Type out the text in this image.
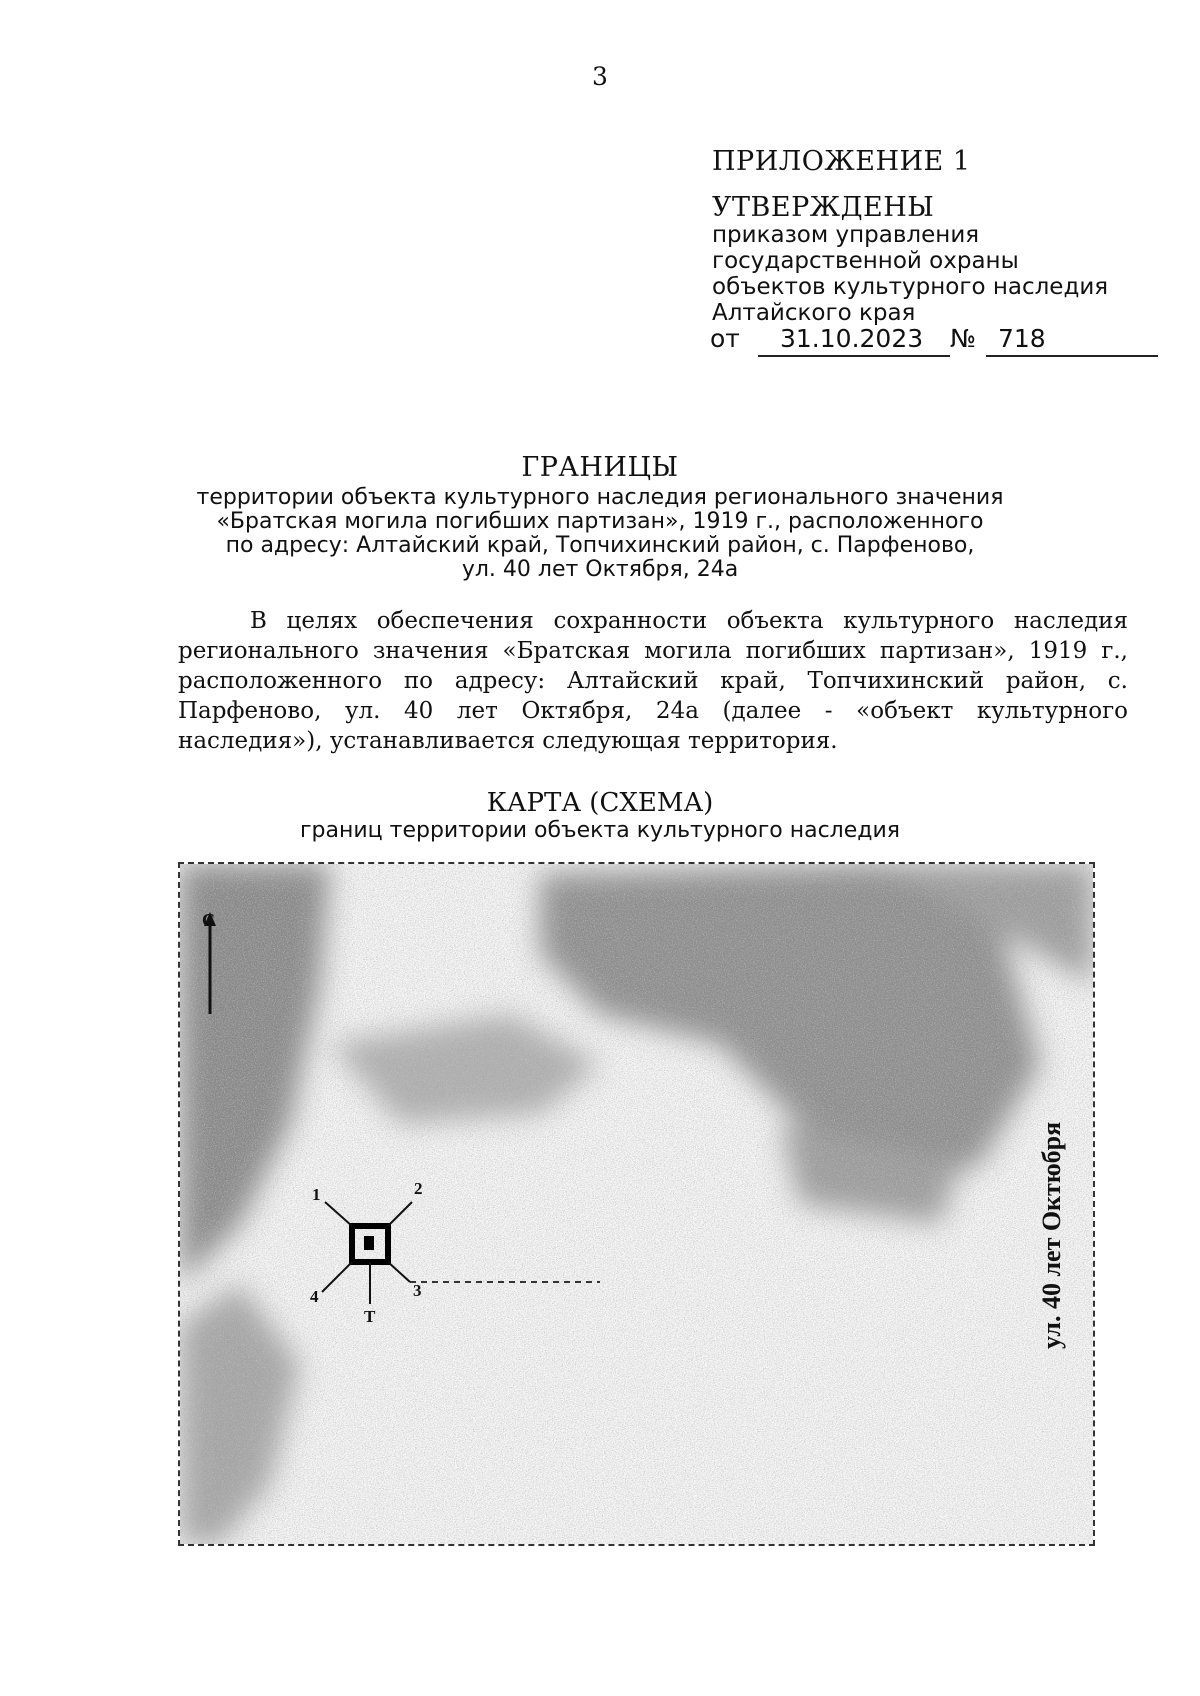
3
ПРИЛОЖЕНИЕ 1
УТВЕРЖДЕНЫ
приказом управления
государственной охраны
объектов культурного наследия
Алтайского края
от	31.10.2023	№ 718
ГРАНИЦЫ
территории объекта культурного наследия регионального значения
«Братская могила погибших партизан», 1919 г., расположенного
по адресу: Алтайский край, Топчихинский район, с. Парфеново,
ул. 40 лет Октября, 24а
В целях обеспечения сохранности объекта культурного наследия регионального значения «Братская могила погибших партизан», 1919 г., расположенного по адресу: Алтайский край, Топчихинский район, с. Парфеново, ул. 40 лет Октября, 24а (далее - «объект культурного наследия»), устанавливается следующая территория.
КАРТА (СХЕМА)
границ территории объекта культурного наследия
С
1	2
3
4
Т	ул. 40 лет Октюбря
